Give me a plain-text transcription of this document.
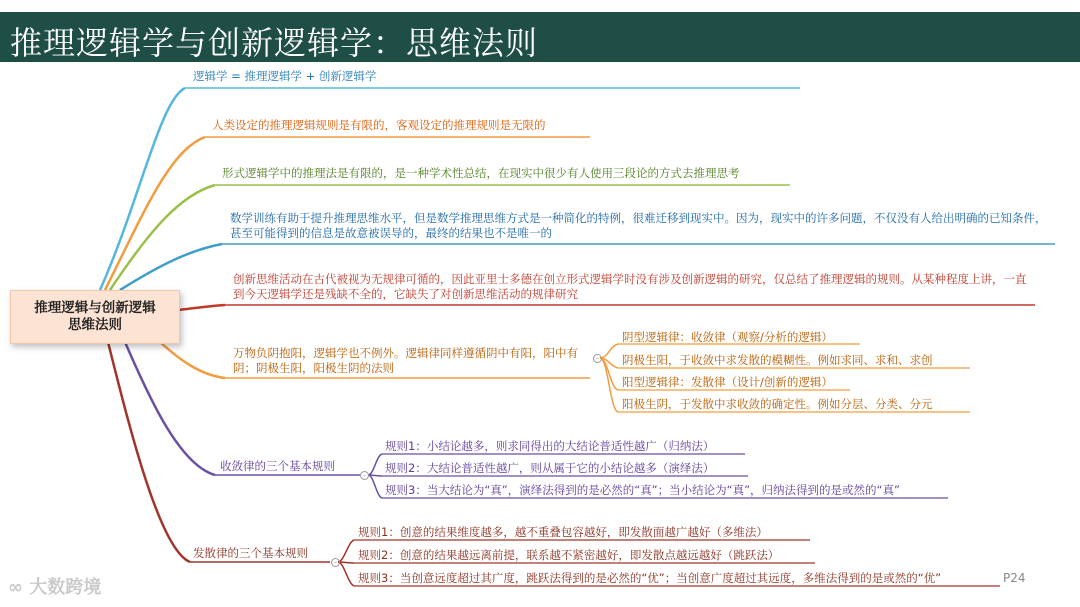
推理逻辑学与创新逻辑学：思维法则
推理逻辑与创新逻辑
思维法则
逻辑学 = 推理逻辑学 + 创新逻辑学
人类设定的推理逻辑规则是有限的，客观设定的推理规则是无限的
形式逻辑学中的推理法是有限的，是一种学术性总结，在现实中很少有人使用三段论的方式去推理思考
数学训练有助于提升推理思维水平，但是数学推理思维方式是一种简化的特例，很难迁移到现实中。因为，现实中的许多问题，不仅没有人给出明确的已知条件，甚至可能得到的信息是故意被误导的，最终的结果也不是唯一的
创新思维活动在古代被视为无规律可循的，因此亚里士多德在创立形式逻辑学时没有涉及创新逻辑的研究，仅总结了推理逻辑的规则。从某种程度上讲，一直到今天逻辑学还是残缺不全的，它缺失了对创新思维活动的规律研究
万物负阴抱阳，逻辑学也不例外。逻辑律同样遵循阴中有阳，阳中有阴；阴极生阳，阳极生阴的法则
–
阴型逻辑律：收敛律（观察/分析的逻辑）
阴极生阳，于收敛中求发散的模糊性。例如求同、求和、求创
阳型逻辑律：发散律（设计/创新的逻辑）
阳极生阴，于发散中求收敛的确定性。例如分层、分类、分元
收敛律的三个基本规则
–
规则1：小结论越多，则求同得出的大结论普适性越广（归纳法）
规则2：大结论普适性越广，则从属于它的小结论越多（演绎法）
规则3：当大结论为“真”，演绎法得到的是必然的“真”；当小结论为“真”，归纳法得到的是或然的“真”
发散律的三个基本规则
–
规则1：创意的结果维度越多，越不重叠包容越好，即发散面越广越好（多维法）
规则2：创意的结果越远离前提，联系越不紧密越好，即发散点越远越好（跳跃法）
规则3：当创意远度超过其广度，跳跃法得到的是必然的“优”；当创意广度超过其远度，多维法得到的是或然的“优”
∞ 大数跨境	P24
